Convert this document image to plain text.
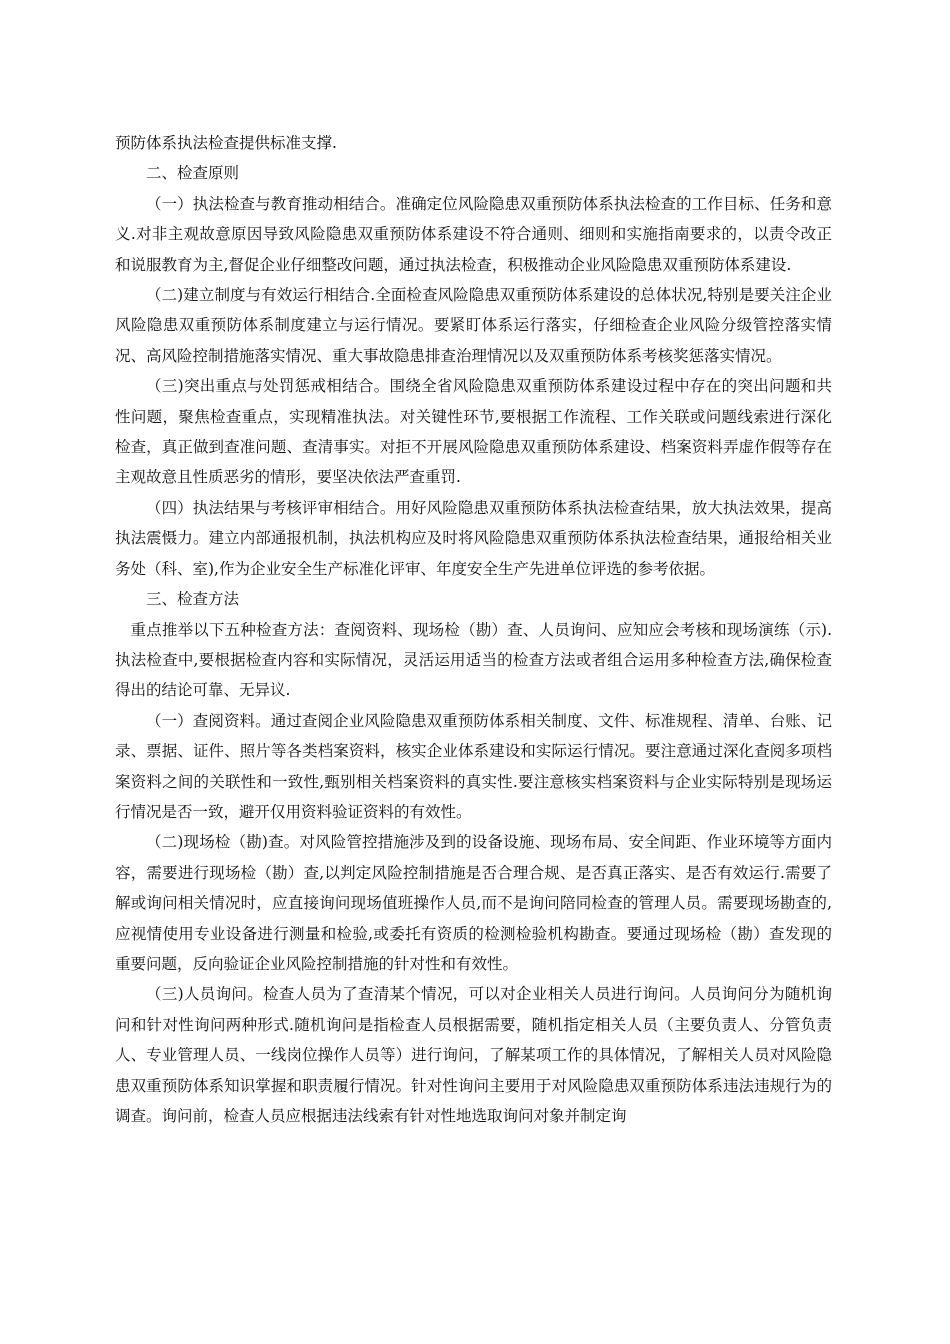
预防体系执法检查提供标准支撑.

二、检查原则

（一）执法检查与教育推动相结合。准确定位风险隐患双重预防体系执法检查的工作目标、任务和意义.对非主观故意原因导致风险隐患双重预防体系建设不符合通则、细则和实施指南要求的，以责令改正和说服教育为主,督促企业仔细整改问题，通过执法检查，积极推动企业风险隐患双重预防体系建设.

（二)建立制度与有效运行相结合.全面检查风险隐患双重预防体系建设的总体状况,特别是要关注企业风险隐患双重预防体系制度建立与运行情况。要紧盯体系运行落实，仔细检查企业风险分级管控落实情况、高风险控制措施落实情况、重大事故隐患排查治理情况以及双重预防体系考核奖惩落实情况。

（三)突出重点与处罚惩戒相结合。围绕全省风险隐患双重预防体系建设过程中存在的突出问题和共性问题，聚焦检查重点，实现精准执法。对关键性环节,要根据工作流程、工作关联或问题线索进行深化检查，真正做到查准问题、查清事实。对拒不开展风险隐患双重预防体系建设、档案资料弄虚作假等存在主观故意且性质恶劣的情形，要坚决依法严查重罚.

（四）执法结果与考核评审相结合。用好风险隐患双重预防体系执法检查结果，放大执法效果，提高执法震慑力。建立内部通报机制，执法机构应及时将风险隐患双重预防体系执法检查结果，通报给相关业务处（科、室),作为企业安全生产标准化评审、年度安全生产先进单位评选的参考依据。

三、检查方法

重点推举以下五种检查方法：查阅资料、现场检（勘）查、人员询问、应知应会考核和现场演练（示).执法检查中,要根据检查内容和实际情况，灵活运用适当的检查方法或者组合运用多种检查方法,确保检查得出的结论可靠、无异议.

（一）查阅资料。通过查阅企业风险隐患双重预防体系相关制度、文件、标准规程、清单、台账、记录、票据、证件、照片等各类档案资料，核实企业体系建设和实际运行情况。要注意通过深化查阅多项档案资料之间的关联性和一致性,甄别相关档案资料的真实性.要注意核实档案资料与企业实际特别是现场运行情况是否一致，避开仅用资料验证资料的有效性。

（二)现场检（勘)查。对风险管控措施涉及到的设备设施、现场布局、安全间距、作业环境等方面内容，需要进行现场检（勘）查,以判定风险控制措施是否合理合规、是否真正落实、是否有效运行.需要了解或询问相关情况时，应直接询问现场值班操作人员,而不是询问陪同检查的管理人员。需要现场勘查的,应视情使用专业设备进行测量和检验,或委托有资质的检测检验机构勘查。要通过现场检（勘）查发现的重要问题，反向验证企业风险控制措施的针对性和有效性。

（三)人员询问。检查人员为了查清某个情况，可以对企业相关人员进行询问。人员询问分为随机询问和针对性询问两种形式.随机询问是指检查人员根据需要，随机指定相关人员（主要负责人、分管负责人、专业管理人员、一线岗位操作人员等）进行询问，了解某项工作的具体情况，了解相关人员对风险隐患双重预防体系知识掌握和职责履行情况。针对性询问主要用于对风险隐患双重预防体系违法违规行为的调查。询问前，检查人员应根据违法线索有针对性地选取询问对象并制定询
